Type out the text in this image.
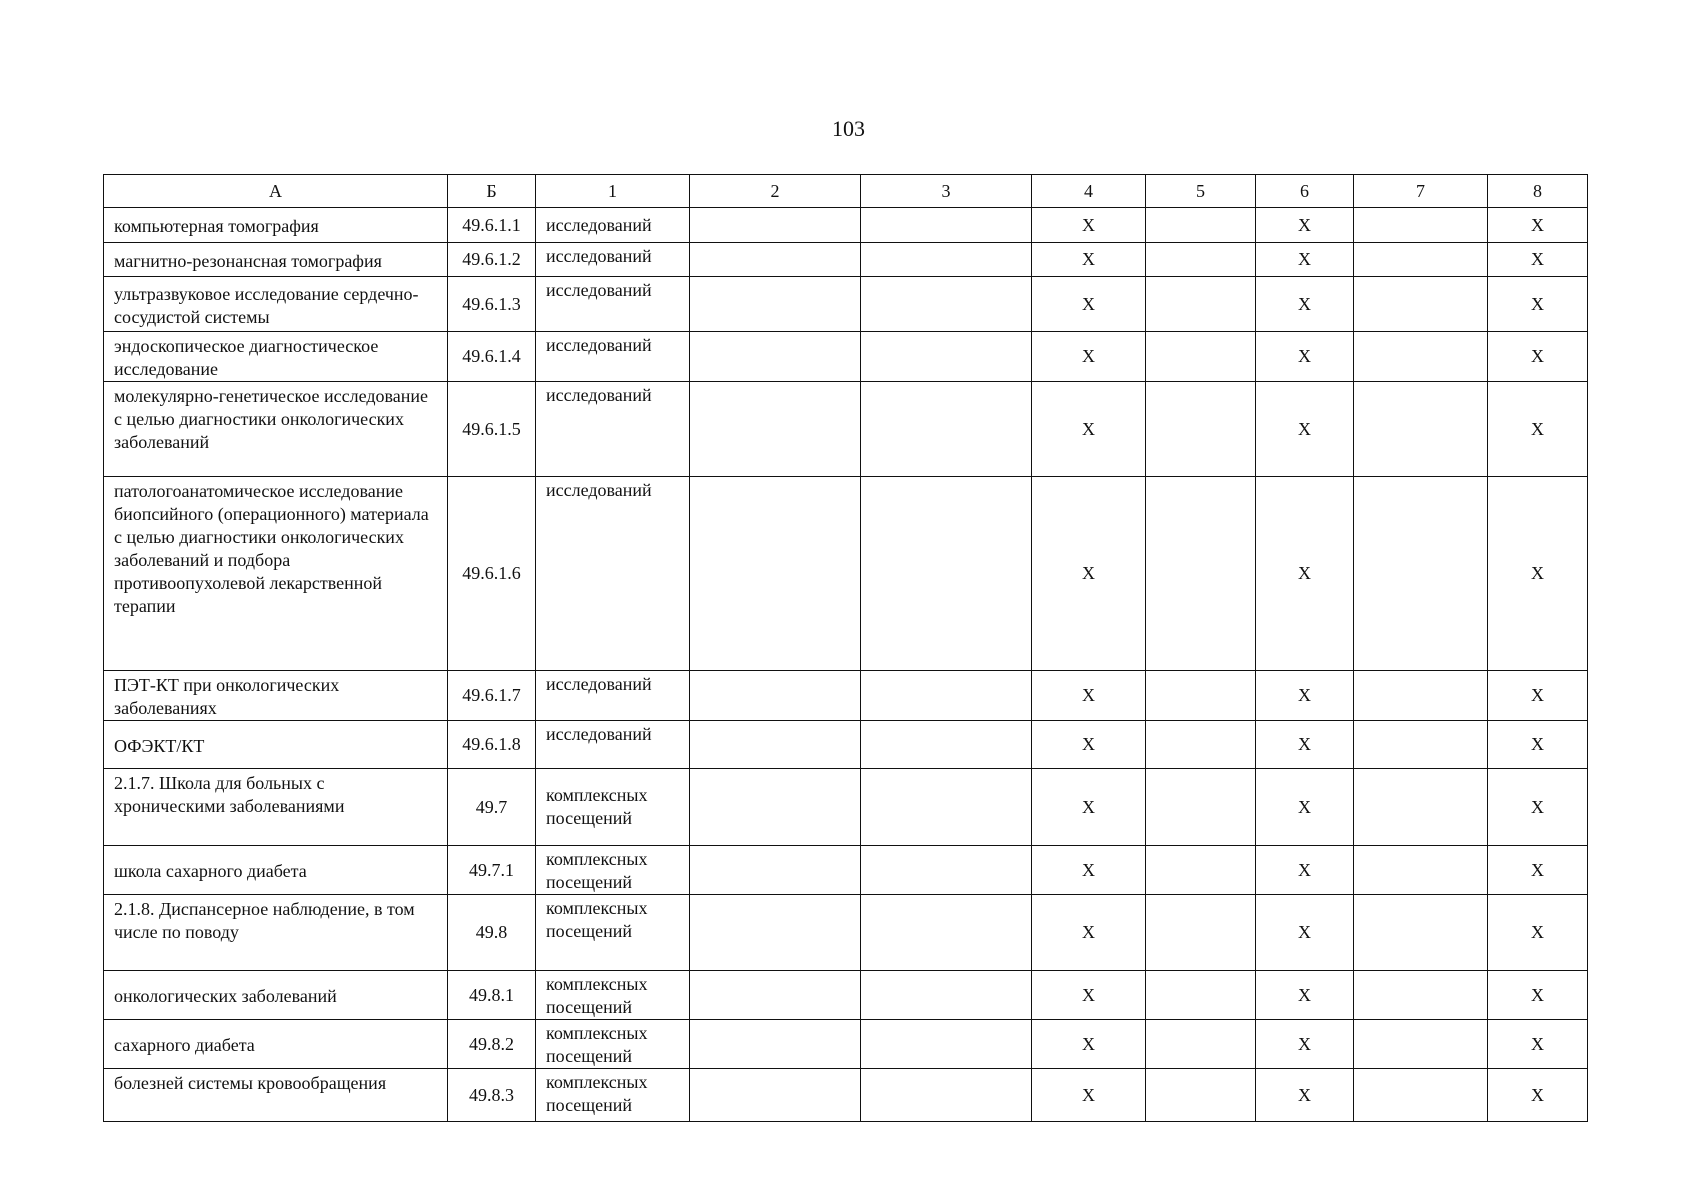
103
А	Б	1	2	3	4	5	6	7	8
компьютерная томография	49.6.1.1	исследований			Х		Х		Х
магнитно-резонансная томография	49.6.1.2	исследований			Х		Х		Х
ультразвуковое исследование сердечно-сосудистой системы	49.6.1.3	исследований			Х		Х		Х
эндоскопическое диагностическое исследование	49.6.1.4	исследований			Х		Х		Х
молекулярно-генетическое исследование с целью диагностики онкологических заболеваний	49.6.1.5	исследований			Х		Х		Х
патологоанатомическое исследование биопсийного (операционного) материала с целью диагностики онкологических заболеваний и подбора противоопухолевой лекарственной терапии	49.6.1.6	исследований			Х		Х		Х
ПЭТ-КТ при онкологических заболеваниях	49.6.1.7	исследований			Х		Х		Х
ОФЭКТ/КТ	49.6.1.8	исследований			Х		Х		Х
2.1.7. Школа для больных с хроническими заболеваниями	49.7	комплексных посещений			Х		Х		Х
школа сахарного диабета	49.7.1	комплексных посещений			Х		Х		Х
2.1.8. Диспансерное наблюдение, в том числе по поводу	49.8	комплексных посещений			Х		Х		Х
онкологических заболеваний	49.8.1	комплексных посещений			Х		Х		Х
сахарного диабета	49.8.2	комплексных посещений			Х		Х		Х
болезней системы кровообращения	49.8.3	комплексных посещений			Х		Х		Х
